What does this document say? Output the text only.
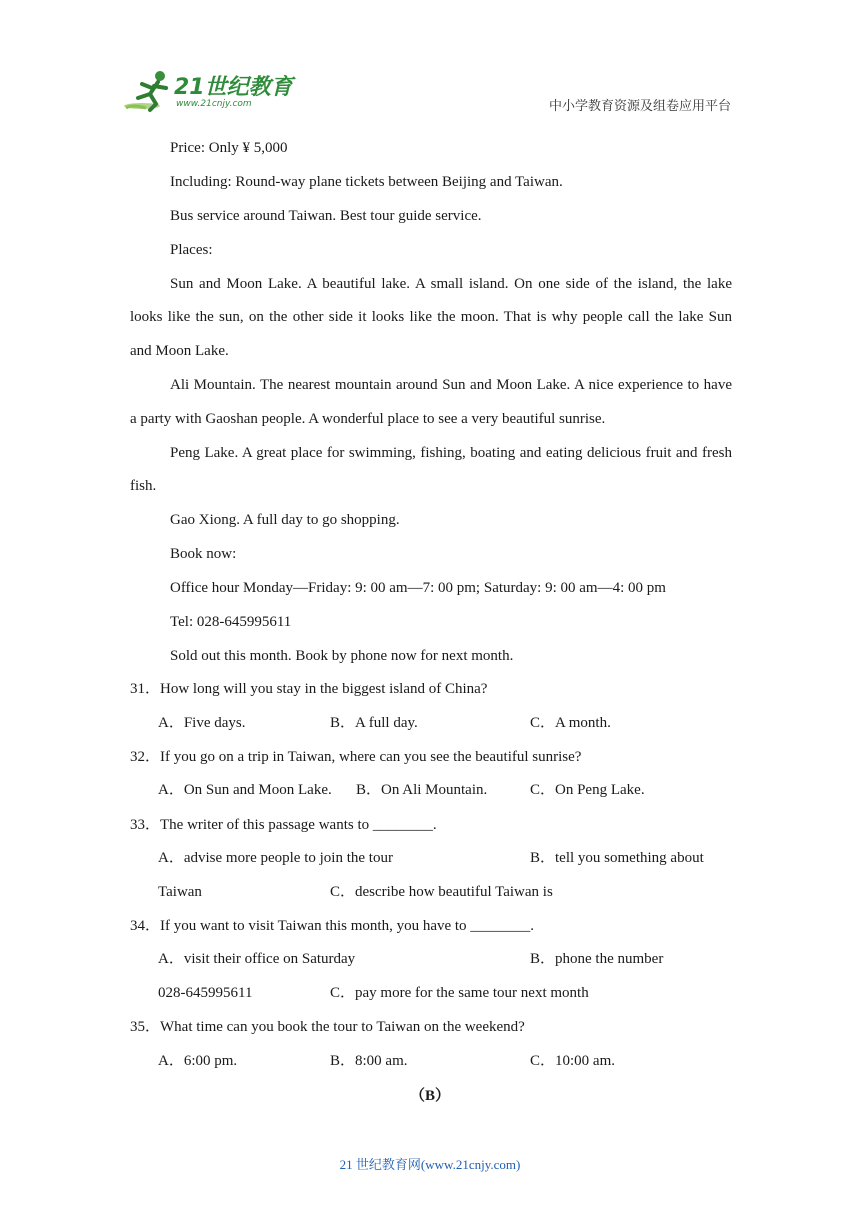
21世纪教育
www.21cnjy.com	中小学教育资源及组卷应用平台
Price: Only ¥ 5,000
Including: Round-way plane tickets between Beijing and Taiwan.
Bus service around Taiwan. Best tour guide service.
Places:
Sun and Moon Lake. A beautiful lake. A small island. On one side of the island, the lake
looks like the sun, on the other side it looks like the moon. That is why people call the lake Sun
and Moon Lake.
Ali Mountain. The nearest mountain around Sun and Moon Lake. A nice experience to have
a party with Gaoshan people. A wonderful place to see a very beautiful sunrise.
Peng Lake. A great place for swimming, fishing, boating and eating delicious fruit and fresh
fish.
Gao Xiong. A full day to go shopping.
Book now:
Office hour Monday—Friday: 9: 00 am—7: 00 pm; Saturday: 9: 00 am—4: 00 pm
Tel: 028-645995611
Sold out this month. Book by phone now for next month.
31．How long will you stay in the biggest island of China?
A．Five days.	B．A full day.	C．A month.
32．If you go on a trip in Taiwan, where can you see the beautiful sunrise?
A．On Sun and Moon Lake. B．On Ali Mountain.	C．On Peng Lake.
33．The writer of this passage wants to ________.
A．advise more people to join the tour	B．tell you something about
Taiwan	C．describe how beautiful Taiwan is
34．If you want to visit Taiwan this month, you have to ________.
A．visit their office on Saturday	B．phone the number
028-645995611	C．pay more for the same tour next month
35．What time can you book the tour to Taiwan on the weekend?
A．6:00 pm.	B．8:00 am.	C．10:00 am.
（B）
21 世纪教育网(www.21cnjy.com)
